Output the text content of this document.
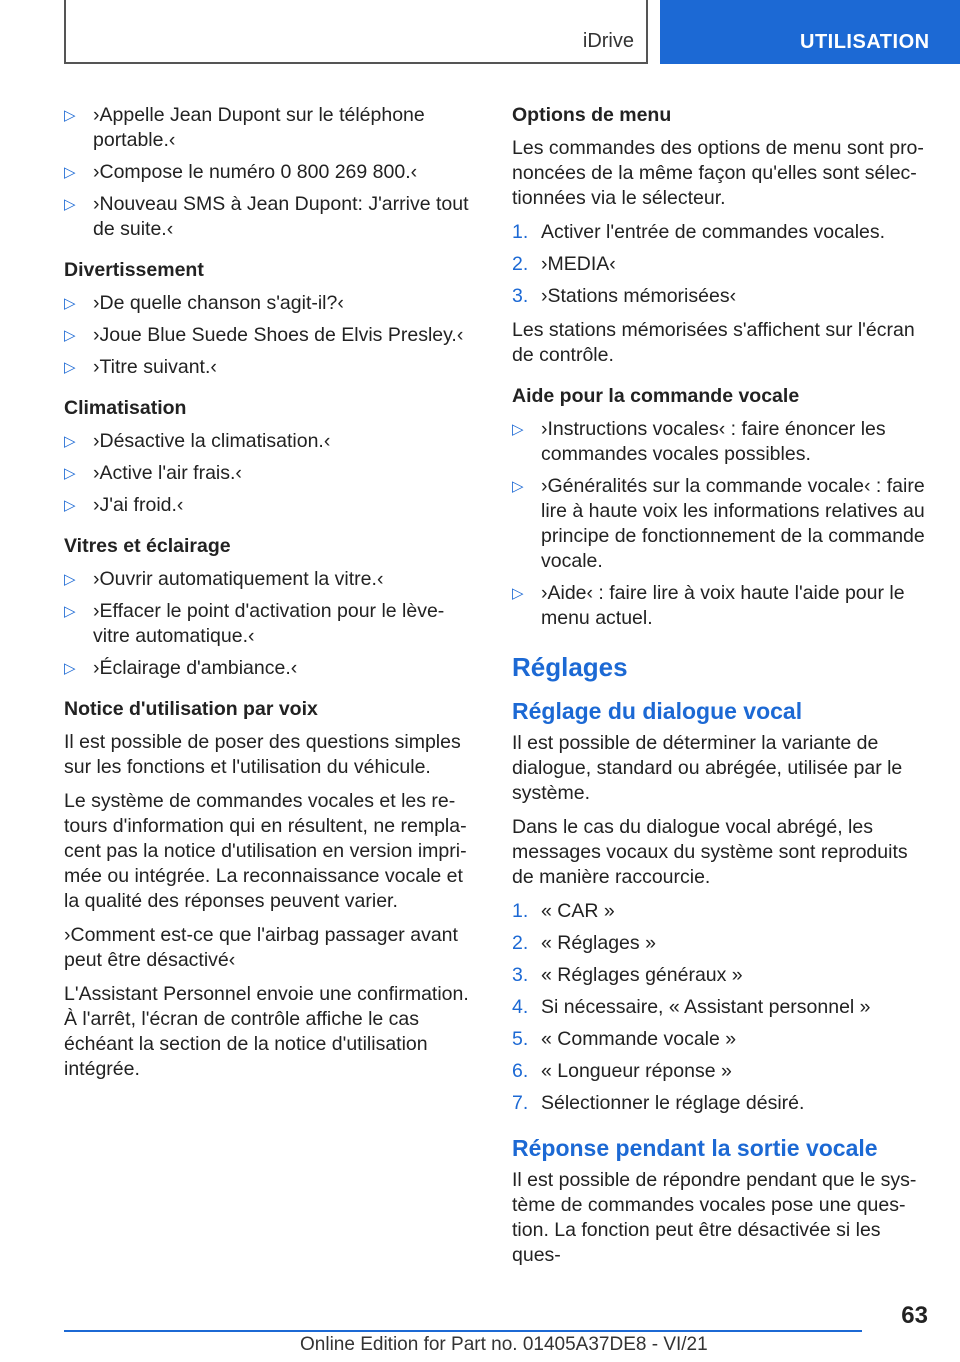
iDrive	UTILISATION
▷ ›Appelle Jean Dupont sur le téléphone portable.‹
▷ ›Compose le numéro 0 800 269 800.‹
▷ ›Nouveau SMS à Jean Dupont: J'arrive tout de suite.‹
Divertissement
▷ ›De quelle chanson s'agit-il?‹
▷ ›Joue Blue Suede Shoes de Elvis Presley.‹
▷ ›Titre suivant.‹
Climatisation
▷ ›Désactive la climatisation.‹
▷ ›Active l'air frais.‹
▷ ›J'ai froid.‹
Vitres et éclairage
▷ ›Ouvrir automatiquement la vitre.‹
▷ ›Effacer le point d'activation pour le lève-vitre automatique.‹
▷ ›Éclairage d'ambiance.‹
Notice d'utilisation par voix

Il est possible de poser des questions simples sur les fonctions et l'utilisation du véhicule.

Le système de commandes vocales et les retours d'information qui en résultent, ne remplacent pas la notice d'utilisation en version imprimée ou intégrée. La reconnaissance vocale et la qualité des réponses peuvent varier.

›Comment est-ce que l'airbag passager avant peut être désactivé‹

L'Assistant Personnel envoie une confirmation. À l'arrêt, l'écran de contrôle affiche le cas échéant la section de la notice d'utilisation intégrée.

Options de menu

Les commandes des options de menu sont prononcées de la même façon qu'elles sont sélectionnées via le sélecteur.

1. Activer l'entrée de commandes vocales.
2. ›MEDIA‹
3. ›Stations mémorisées‹

Les stations mémorisées s'affichent sur l'écran de contrôle.

Aide pour la commande vocale
▷ ›Instructions vocales‹ : faire énoncer les commandes vocales possibles.
▷ ›Généralités sur la commande vocale‹ : faire lire à haute voix les informations relatives au principe de fonctionnement de la commande vocale.
▷ ›Aide‹ : faire lire à voix haute l'aide pour le menu actuel.
Réglages
Réglage du dialogue vocal

Il est possible de déterminer la variante de dialogue, standard ou abrégée, utilisée par le système.

Dans le cas du dialogue vocal abrégé, les messages vocaux du système sont reproduits de manière raccourcie.

1. « CAR »
2. « Réglages »
3. « Réglages généraux »
4. Si nécessaire, « Assistant personnel »
5. « Commande vocale »
6. « Longueur réponse »
7. Sélectionner le réglage désiré.
Réponse pendant la sortie vocale

Il est possible de répondre pendant que le système de commandes vocales pose une question. La fonction peut être désactivée si les ques-

63
Online Edition for Part no. 01405A37DE8 - VI/21
